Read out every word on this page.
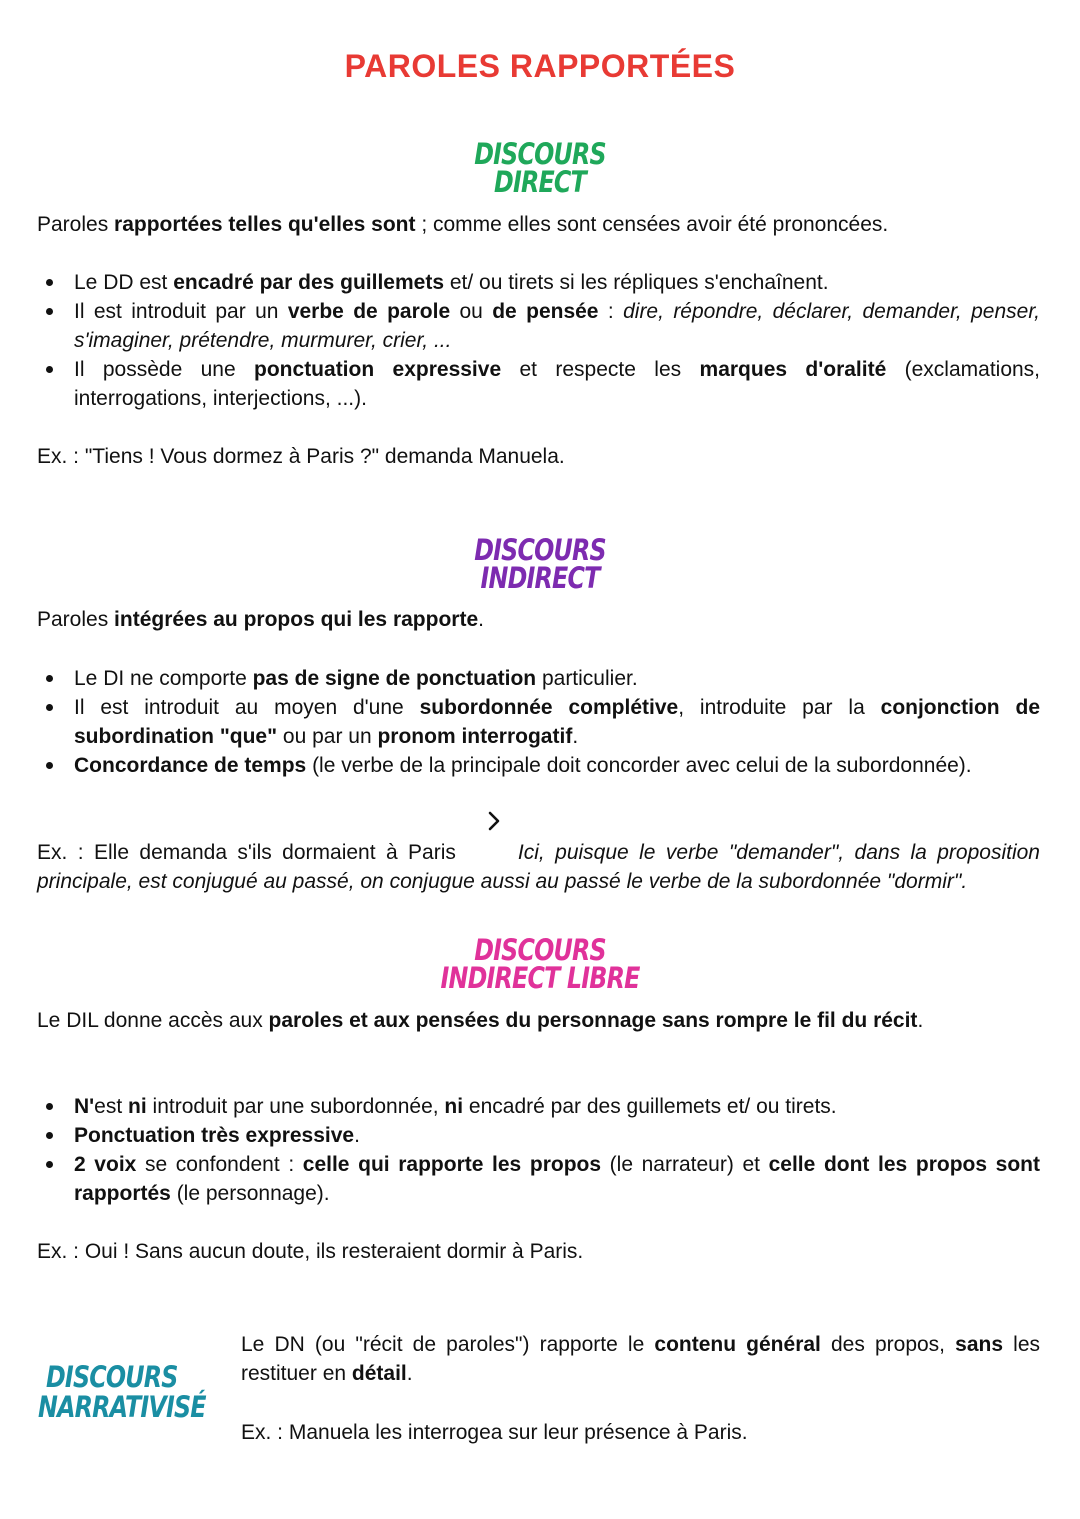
PAROLES RAPPORTÉES
DISCOURS
DIRECT
Paroles rapportées telles qu'elles sont ; comme elles sont censées avoir été prononcées.
Le DD est encadré par des guillemets et/ ou tirets si les répliques s'enchaînent.
Il est introduit par un verbe de parole ou de pensée : dire, répondre, déclarer, demander, penser, s'imaginer, prétendre, murmurer, crier, ...
Il possède une ponctuation expressive et respecte les marques d'oralité (exclamations, interrogations, interjections, ...).
Ex. : "Tiens ! Vous dormez à Paris ?" demanda Manuela.
DISCOURS
INDIRECT
Paroles intégrées au propos qui les rapporte.
Le DI ne comporte pas de signe de ponctuation particulier.
Il est introduit au moyen d'une subordonnée complétive, introduite par la conjonction de subordination "que" ou par un pronom interrogatif.
Concordance de temps (le verbe de la principale doit concorder avec celui de la subordonnée).
Ex. : Elle demanda s'ils dormaient à Paris	Ici, puisque le verbe "demander", dans la proposition principale, est conjugué au passé, on conjugue aussi au passé le verbe de la subordonnée "dormir".
DISCOURS
INDIRECT LIBRE
Le DIL donne accès aux paroles et aux pensées du personnage sans rompre le fil du récit.
N'est ni introduit par une subordonnée, ni encadré par des guillemets et/ ou tirets.
Ponctuation très expressive.
2 voix se confondent : celle qui rapporte les propos (le narrateur) et celle dont les propos sont rapportés (le personnage).
Ex. : Oui ! Sans aucun doute, ils resteraient dormir à Paris.
DISCOURS
NARRATIVISÉ
Le DN (ou "récit de paroles") rapporte le contenu général des propos, sans les restituer en détail.
Ex. : Manuela les interrogea sur leur présence à Paris.
